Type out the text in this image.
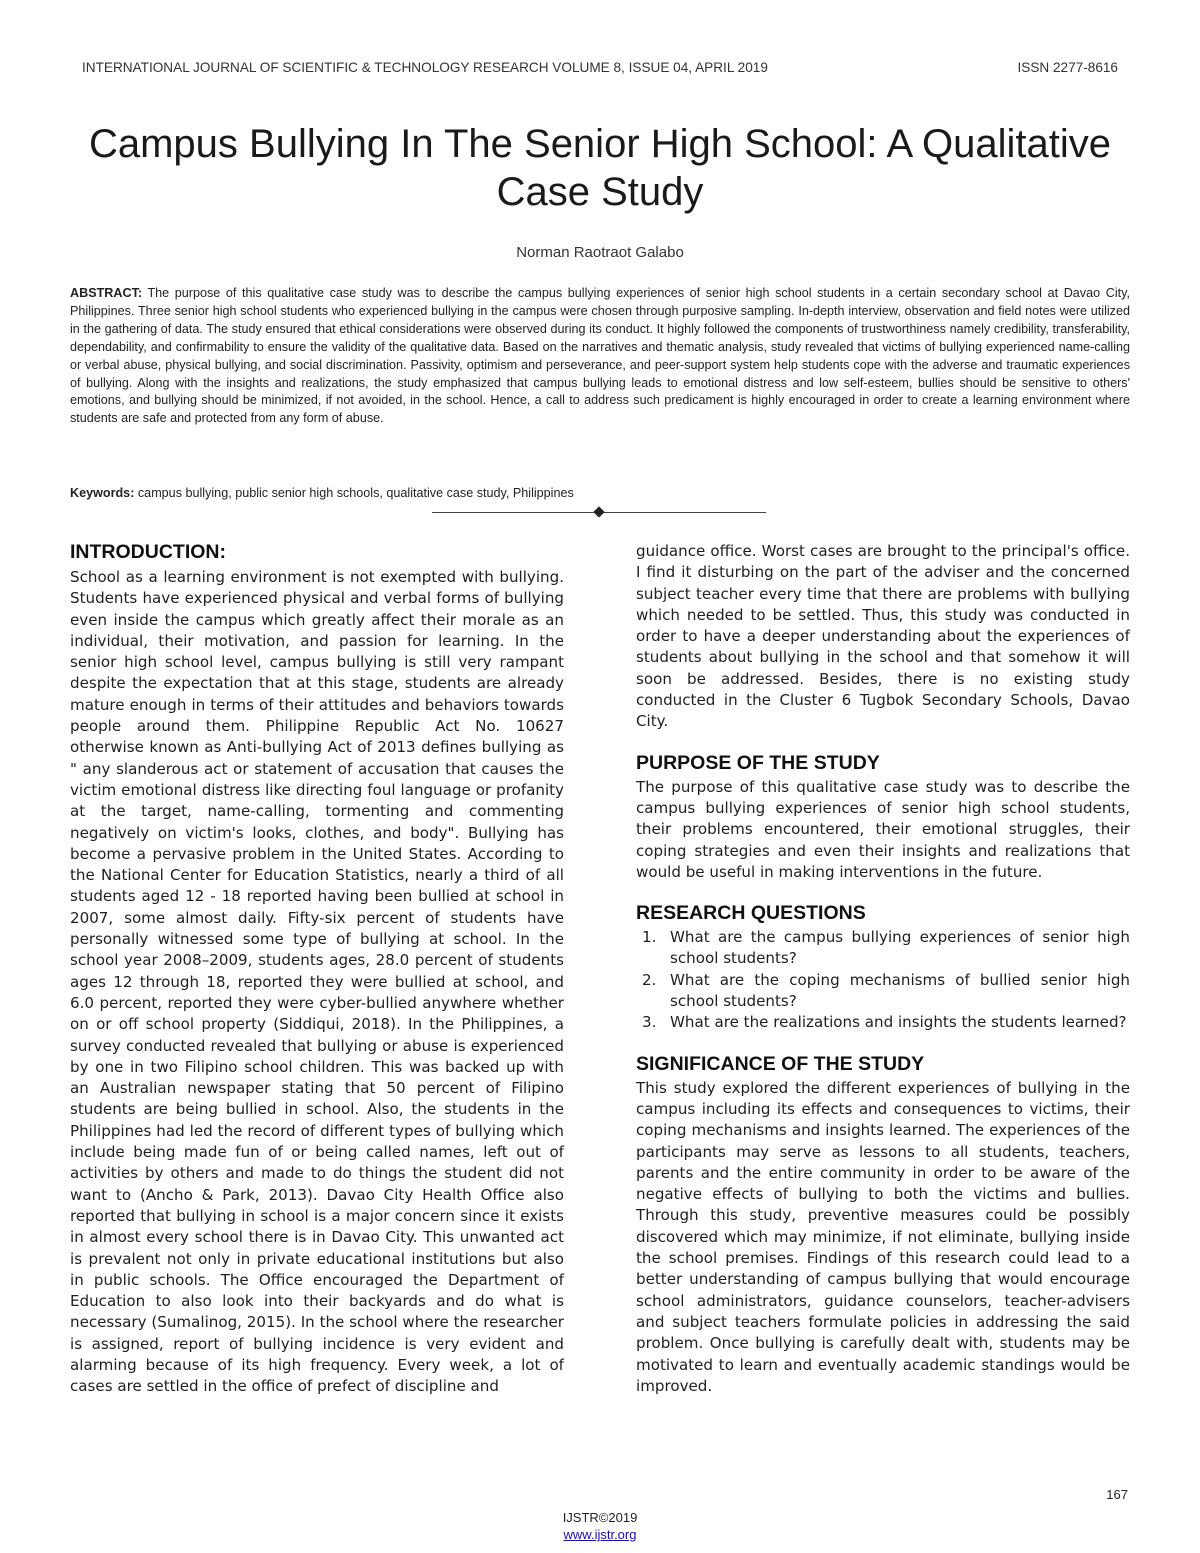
INTERNATIONAL JOURNAL OF SCIENTIFIC & TECHNOLOGY RESEARCH VOLUME 8, ISSUE 04, APRIL 2019	ISSN 2277-8616
Campus Bullying In The Senior High School: A Qualitative Case Study
Norman Raotraot Galabo

ABSTRACT: The purpose of this qualitative case study was to describe the campus bullying experiences of senior high school students in a certain secondary school at Davao City, Philippines. Three senior high school students who experienced bullying in the campus were chosen through purposive sampling. In-depth interview, observation and field notes were utilized in the gathering of data. The study ensured that ethical considerations were observed during its conduct. It highly followed the components of trustworthiness namely credibility, transferability, dependability, and confirmability to ensure the validity of the qualitative data. Based on the narratives and thematic analysis, study revealed that victims of bullying experienced name-calling or verbal abuse, physical bullying, and social discrimination. Passivity, optimism and perseverance, and peer-support system help students cope with the adverse and traumatic experiences of bullying. Along with the insights and realizations, the study emphasized that campus bullying leads to emotional distress and low self-esteem, bullies should be sensitive to others' emotions, and bullying should be minimized, if not avoided, in the school. Hence, a call to address such predicament is highly encouraged in order to create a learning environment where students are safe and protected from any form of abuse.

Keywords: campus bullying, public senior high schools, qualitative case study, Philippines

INTRODUCTION:

School as a learning environment is not exempted with bullying. Students have experienced physical and verbal forms of bullying even inside the campus which greatly affect their morale as an individual, their motivation, and passion for learning. In the senior high school level, campus bullying is still very rampant despite the expectation that at this stage, students are already mature enough in terms of their attitudes and behaviors towards people around them. Philippine Republic Act No. 10627 otherwise known as Anti-bullying Act of 2013 defines bullying as " any slanderous act or statement of accusation that causes the victim emotional distress like directing foul language or profanity at the target, name-calling, tormenting and commenting negatively on victim's looks, clothes, and body". Bullying has become a pervasive problem in the United States. According to the National Center for Education Statistics, nearly a third of all students aged 12 - 18 reported having been bullied at school in 2007, some almost daily. Fifty-six percent of students have personally witnessed some type of bullying at school. In the school year 2008–2009, students ages, 28.0 percent of students ages 12 through 18, reported they were bullied at school, and 6.0 percent, reported they were cyber-bullied anywhere whether on or off school property (Siddiqui, 2018). In the Philippines, a survey conducted revealed that bullying or abuse is experienced by one in two Filipino school children. This was backed up with an Australian newspaper stating that 50 percent of Filipino students are being bullied in school. Also, the students in the Philippines had led the record of different types of bullying which include being made fun of or being called names, left out of activities by others and made to do things the student did not want to (Ancho & Park, 2013). Davao City Health Office also reported that bullying in school is a major concern since it exists in almost every school there is in Davao City. This unwanted act is prevalent not only in private educational institutions but also in public schools. The Office encouraged the Department of Education to also look into their backyards and do what is necessary (Sumalinog, 2015). In the school where the researcher is assigned, report of bullying incidence is very evident and alarming because of its high frequency. Every week, a lot of cases are settled in the office of prefect of discipline and

guidance office. Worst cases are brought to the principal's office. I find it disturbing on the part of the adviser and the concerned subject teacher every time that there are problems with bullying which needed to be settled. Thus, this study was conducted in order to have a deeper understanding about the experiences of students about bullying in the school and that somehow it will soon be addressed. Besides, there is no existing study conducted in the Cluster 6 Tugbok Secondary Schools, Davao City.

PURPOSE OF THE STUDY

The purpose of this qualitative case study was to describe the campus bullying experiences of senior high school students, their problems encountered, their emotional struggles, their coping strategies and even their insights and realizations that would be useful in making interventions in the future.

RESEARCH QUESTIONS
1. What are the campus bullying experiences of senior high school students?
2. What are the coping mechanisms of bullied senior high school students?
3. What are the realizations and insights the students learned?
SIGNIFICANCE OF THE STUDY

This study explored the different experiences of bullying in the campus including its effects and consequences to victims, their coping mechanisms and insights learned. The experiences of the participants may serve as lessons to all students, teachers, parents and the entire community in order to be aware of the negative effects of bullying to both the victims and bullies. Through this study, preventive measures could be possibly discovered which may minimize, if not eliminate, bullying inside the school premises. Findings of this research could lead to a better understanding of campus bullying that would encourage school administrators, guidance counselors, teacher-advisers and subject teachers formulate policies in addressing the said problem. Once bullying is carefully dealt with, students may be motivated to learn and eventually academic standings would be improved.

167
IJSTR©2019
www.ijstr.org
